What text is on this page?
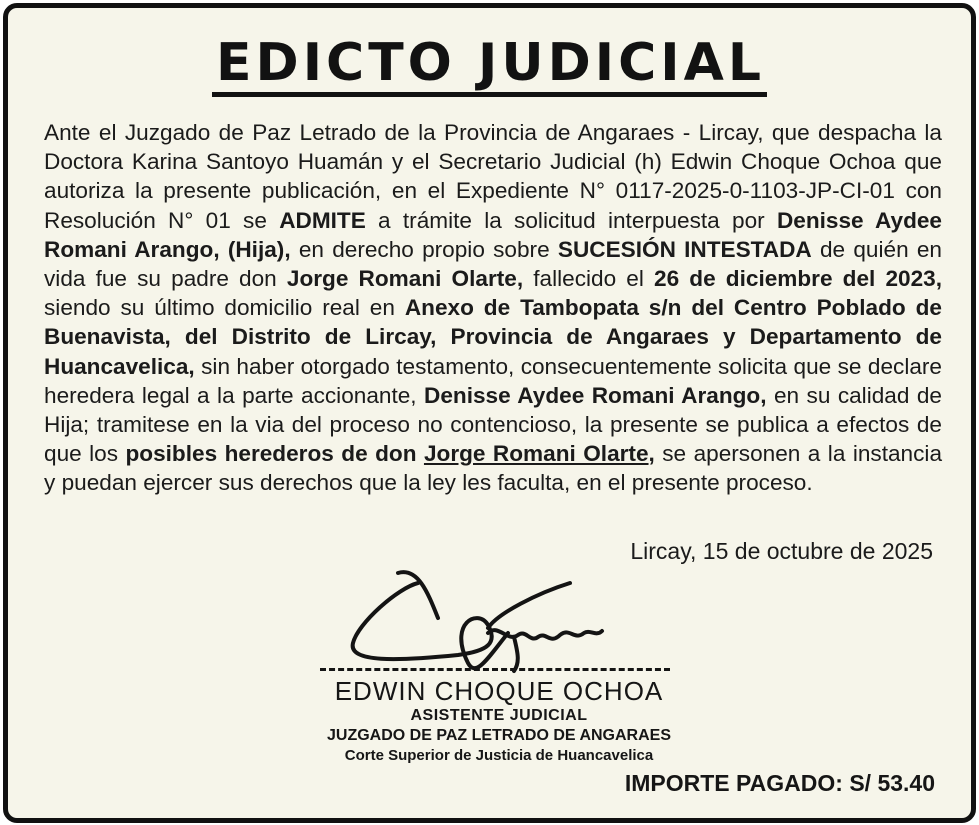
EDICTO JUDICIAL
Ante el Juzgado de Paz Letrado de la Provincia de Angaraes - Lircay, que despacha la Doctora Karina Santoyo Huamán y el Secretario Judicial (h) Edwin Choque Ochoa que autoriza la presente publicación, en el Expediente N° 0117-2025-0-1103-JP-CI-01 con Resolución N° 01 se ADMITE a trámite la solicitud interpuesta por Denisse Aydee Romani Arango, (Hija), en derecho propio sobre SUCESIÓN INTESTADA de quién en vida fue su padre don Jorge Romani Olarte, fallecido el 26 de diciembre del 2023, siendo su último domicilio real en Anexo de Tambopata s/n del Centro Poblado de Buenavista, del Distrito de Lircay, Provincia de Angaraes y Departamento de Huancavelica, sin haber otorgado testamento, consecuentemente solicita que se declare heredera legal a la parte accionante, Denisse Aydee Romani Arango, en su calidad de Hija; tramitese en la via del proceso no contencioso, la presente se publica a efectos de que los posibles herederos de don Jorge Romani Olarte, se apersonen a la instancia y puedan ejercer sus derechos que la ley les faculta, en el presente proceso.
Lircay, 15 de octubre de 2025
EDWIN CHOQUE OCHOA
ASISTENTE JUDICIAL
JUZGADO DE PAZ LETRADO DE ANGARAES
Corte Superior de Justicia de Huancavelica
IMPORTE PAGADO: S/ 53.40
